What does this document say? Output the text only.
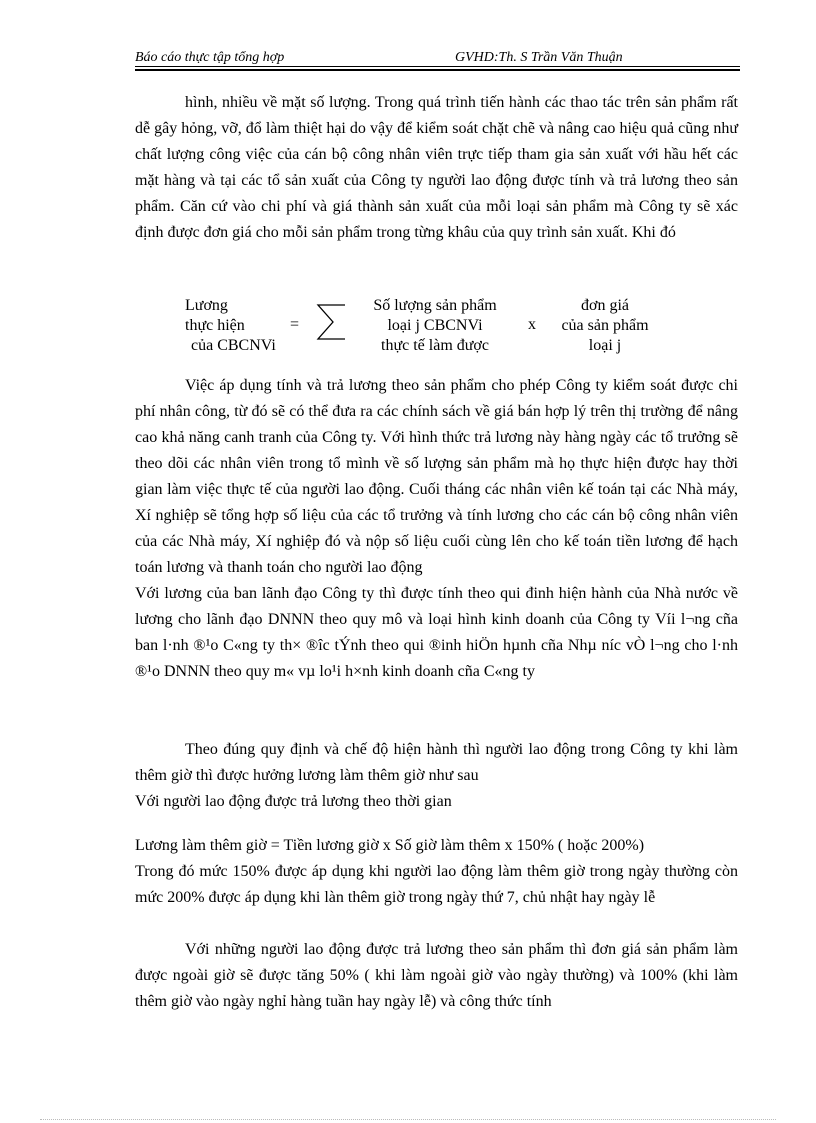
Báo cáo thực tập tổng hợp	GVHD:Th. S Trần Văn Thuận

hình, nhiều về mặt số lượng. Trong quá trình tiến hành các thao tác trên sản phẩm rất dễ gây hỏng, vỡ, đổ làm thiệt hại do vậy để kiểm soát chặt chẽ và nâng cao hiệu quả cũng như chất lượng công việc của cán bộ công nhân viên trực tiếp tham gia sản xuất với hầu hết các mặt hàng và tại các tổ sản xuất của Công ty người lao động được tính và trả lương theo sản phẩm. Căn cứ vào chi phí và giá thành sản xuất của mỗi loại sản phẩm mà Công ty sẽ xác định được đơn giá cho mỗi sản phẩm trong từng khâu của quy trình sản xuất. Khi đó

Lương
thực hiện
của CBCNVi
=
Số lượng sản phẩm
loại j CBCNVi
thực tế làm được
x
đơn giá
của sản phẩm
loại j

Việc áp dụng tính và trả lương theo sản phẩm cho phép Công ty kiểm soát được chi phí nhân công, từ đó sẽ có thể đưa ra các chính sách về giá bán hợp lý trên thị trường để nâng cao khả năng canh tranh của Công ty. Với hình thức trả lương này hàng ngày các tổ trưởng sẽ theo dõi các nhân viên trong tổ mình về số lượng sản phẩm mà họ thực hiện được hay thời gian làm việc thực tế của người lao động. Cuối tháng các nhân viên kế toán tại các Nhà máy, Xí nghiệp sẽ tổng hợp số liệu của các tổ trưởng và tính lương cho các cán bộ công nhân viên của các Nhà máy, Xí nghiệp đó và nộp số liệu cuối cùng lên cho kế toán tiền lương để hạch toán lương và thanh toán cho người lao động

Với lương của ban lãnh đạo Công ty thì được tính theo qui đinh hiện hành của Nhà nước về lương cho lãnh đạo DNNN theo quy mô và loại hình kinh doanh của Công ty Víi l¬ng cña ban l·nh ®¹o C«ng ty th× ®îc tÝnh theo qui ®inh hiÖn hµnh cña Nhµ níc vÒ l¬ng cho l·nh ®¹o DNNN theo quy m« vµ lo¹i h×nh kinh doanh cña C«ng ty

Theo đúng quy định và chế độ hiện hành thì người lao động trong Công ty khi làm thêm giờ thì được hưởng lương làm thêm giờ như sau

Với người lao động được trả lương theo thời gian

Lương làm thêm giờ = Tiền lương giờ x Số giờ làm thêm x 150% ( hoặc 200%)

Trong đó mức 150% được áp dụng khi người lao động làm thêm giờ trong ngày thường còn mức 200% được áp dụng khi làn thêm giờ trong ngày thứ 7, chủ nhật hay ngày lễ

Với những người lao động được trả lương theo sản phẩm thì đơn giá sản phẩm làm được ngoài giờ sẽ được tăng 50% ( khi làm ngoài giờ vào ngày thường) và 100% (khi làm thêm giờ vào ngày nghỉ hàng tuần hay ngày lễ) và công thức tính
